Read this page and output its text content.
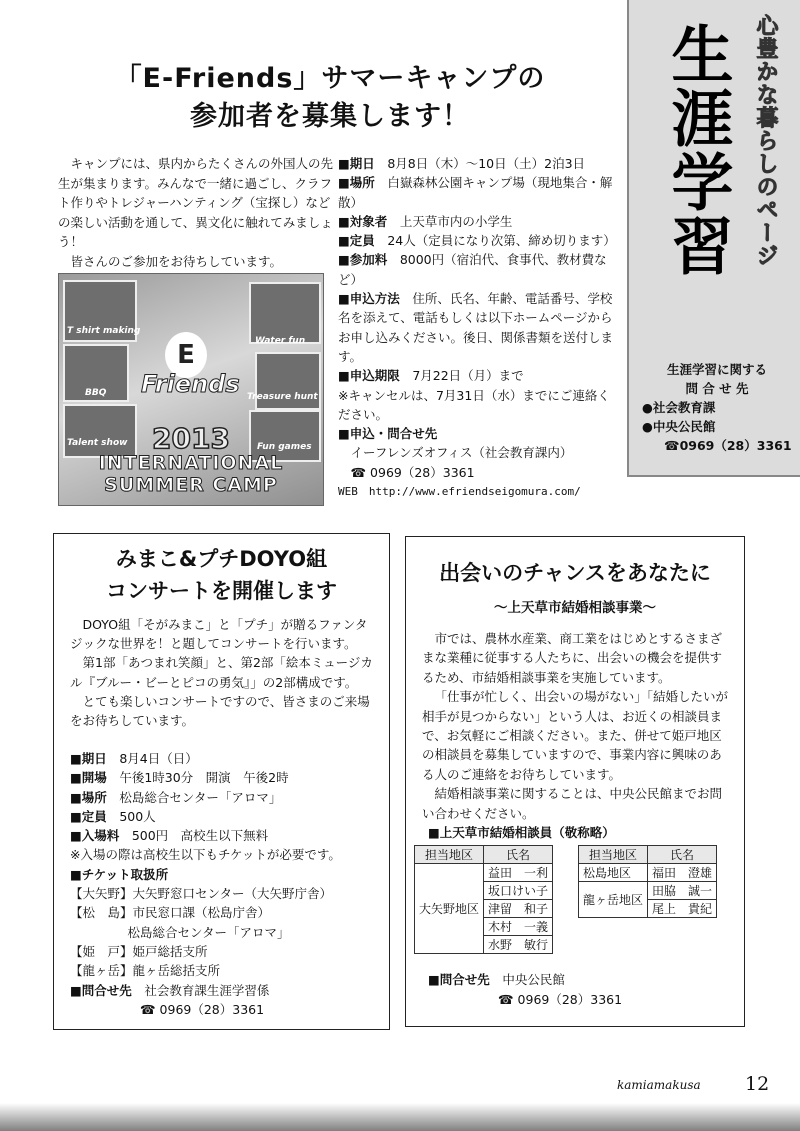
生涯学習 心豊かな暮らしのページ
生涯学習に関する
問 合 せ 先
●社会教育課
●中央公民館
☎0969（28）3361
「E-Friends」サマーキャンプの
参加者を募集します！

キャンプには、県内からたくさんの外国人の先生が集まります。みんなで一緒に過ごし、クラフト作りやトレジャーハンティング（宝探し）などの楽しい活動を通して、異文化に触れてみましょう！

皆さんのご参加をお待ちしています。

T shirt making
Water fun
BBQ	Treasure hunt
Talent show	Fun games
E
Friends
2013
INTERNATIONAL
SUMMER CAMP
■期日　 8月8日（木）～10日（土）2泊3日
■場所　 白嶽森林公園キャンプ場（現地集合・解散）
■対象者　 上天草市内の小学生
■定員　 24人（定員になり次第、締め切ります）
■参加料　 8000円（宿泊代、食事代、教材費など）
■申込方法　 住所、氏名、年齢、電話番号、学校名を添えて、電話もしくは以下ホームページからお申し込みください。後日、関係書類を送付します。
■申込期限　 7月22日（月）まで
※キャンセルは、7月31日（水）までにご連絡ください。
■申込・問合せ先
イーフレンズオフィス（社会教育課内）
☎ 0969（28）3361
WEB　http://www.efriendseigomura.com/
みまこ&プチDOYO組
コンサートを開催します

DOYO組「そがみまこ」と「プチ」が贈るファンタジックな世界を！と題してコンサートを行います。

第1部「あつまれ笑顔」と、第2部「絵本ミュージカル『ブルー・ビーとピコの勇気』」の2部構成です。

とても楽しいコンサートですので、皆さまのご来場をお待ちしています。

■期日　 8月4日（日）
■開場　 午後1時30分　開演　午後2時
■場所　 松島総合センター「アロマ」
■定員　 500人
■入場料　 500円　高校生以下無料
※入場の際は高校生以下もチケットが必要です。
■チケット取扱所
【大矢野】大矢野窓口センター（大矢野庁舎）
【松　島】市民窓口課（松島庁舎）
松島総合センター「アロマ」
【姫　戸】姫戸総括支所
【龍ヶ岳】龍ヶ岳総括支所
■問合せ先　 社会教育課生涯学習係
☎ 0969（28）3361
出会いのチャンスをあなたに
～上天草市結婚相談事業～

市では、農林水産業、商工業をはじめとするさまざまな業種に従事する人たちに、出会いの機会を提供するため、市結婚相談事業を実施しています。

「仕事が忙しく、出会いの場がない」「結婚したいが相手が見つからない」という人は、お近くの相談員まで、お気軽にご相談ください。また、併せて姫戸地区の相談員を募集していますので、事業内容に興味のある人のご連絡をお待ちしています。

結婚相談事業に関することは、中央公民館までお問い合わせください。

■上天草市結婚相談員（敬称略）
担当地区	氏名
大矢野地区	益田　一利
	坂口けい子
	津留　和子
	木村　一義
	水野　敏行
担当地区	氏名
松島地区	福田　澄雄
龍ヶ岳地区	田脇　誠一
	尾上　貴紀
■問合せ先　 中央公民館
☎ 0969（28）3361
kamiamakusa 12
